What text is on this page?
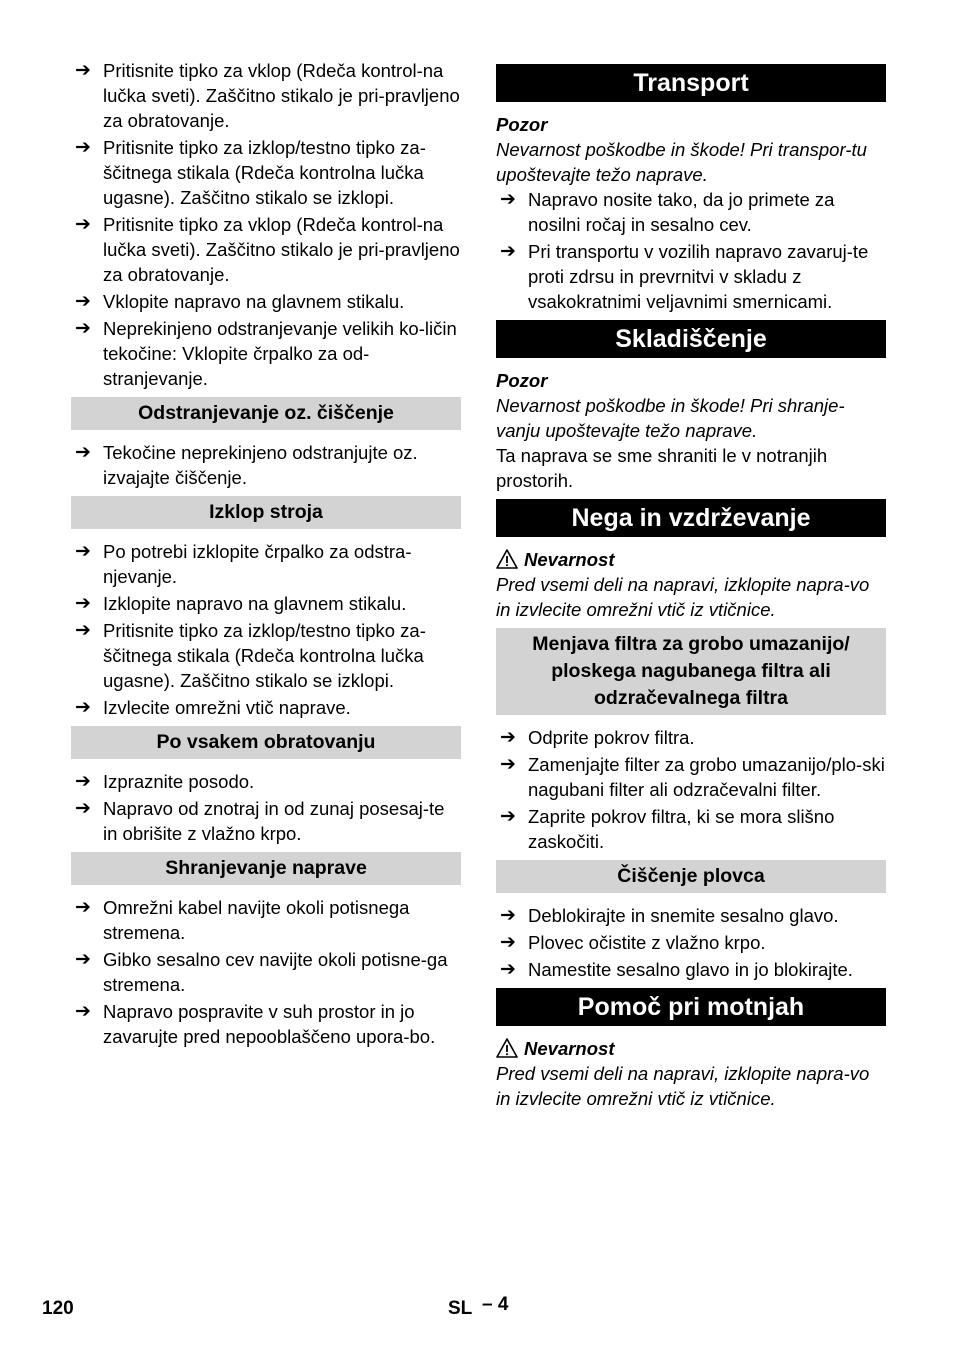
➔ Pritisnite tipko za vklop (Rdeča kontrol-na lučka sveti). Zaščitno stikalo je pri-pravljeno za obratovanje.
➔ Pritisnite tipko za izklop/testno tipko za-ščitnega stikala (Rdeča kontrolna lučka ugasne). Zaščitno stikalo se izklopi.
➔ Pritisnite tipko za vklop (Rdeča kontrol-na lučka sveti). Zaščitno stikalo je pri-pravljeno za obratovanje.
➔ Vklopite napravo na glavnem stikalu.
➔ Neprekinjeno odstranjevanje velikih ko-ličin tekočine: Vklopite črpalko za od-stranjevanje.
Odstranjevanje oz. čiščenje
➔ Tekočine neprekinjeno odstranjujte oz. izvajajte čiščenje.
Izklop stroja
➔ Po potrebi izklopite črpalko za odstra-njevanje.
➔ Izklopite napravo na glavnem stikalu.
➔ Pritisnite tipko za izklop/testno tipko za-ščitnega stikala (Rdeča kontrolna lučka ugasne). Zaščitno stikalo se izklopi.
➔ Izvlecite omrežni vtič naprave.
Po vsakem obratovanju
➔ Izpraznite posodo.
➔ Napravo od znotraj in od zunaj posesaj-te in obrišite z vlažno krpo.
Shranjevanje naprave
➔ Omrežni kabel navijte okoli potisnega stremena.
➔ Gibko sesalno cev navijte okoli potisne-ga stremena.
➔ Napravo pospravite v suh prostor in jo zavarujte pred nepooblaščeno upora-bo.
Transport
Pozor
Nevarnost poškodbe in škode! Pri transpor-tu upoštevajte težo naprave.
➔ Napravo nosite tako, da jo primete za nosilni ročaj in sesalno cev.
➔ Pri transportu v vozilih napravo zavaruj-te proti zdrsu in prevrnitvi v skladu z vsakokratnimi veljavnimi smernicami.
Skladiščenje
Pozor
Nevarnost poškodbe in škode! Pri shranje-vanju upoštevajte težo naprave.
Ta naprava se sme shraniti le v notranjih prostorih.
Nega in vzdrževanje
Nevarnost
Pred vsemi deli na napravi, izklopite napra-vo in izvlecite omrežni vtič iz vtičnice.
Menjava filtra za grobo umazanijo/ ploskega nagubanega filtra ali odzračevalnega filtra
➔ Odprite pokrov filtra.
➔ Zamenjajte filter za grobo umazanijo/plo-ski nagubani filter ali odzračevalni filter.
➔ Zaprite pokrov filtra, ki se mora slišno zaskočiti.
Čiščenje plovca
➔ Deblokirajte in snemite sesalno glavo.
➔ Plovec očistite z vlažno krpo.
➔ Namestite sesalno glavo in jo blokirajte.
Pomoč pri motnjah
Nevarnost
Pred vsemi deli na napravi, izklopite napra-vo in izvlecite omrežni vtič iz vtičnice.
120	SL – 4
